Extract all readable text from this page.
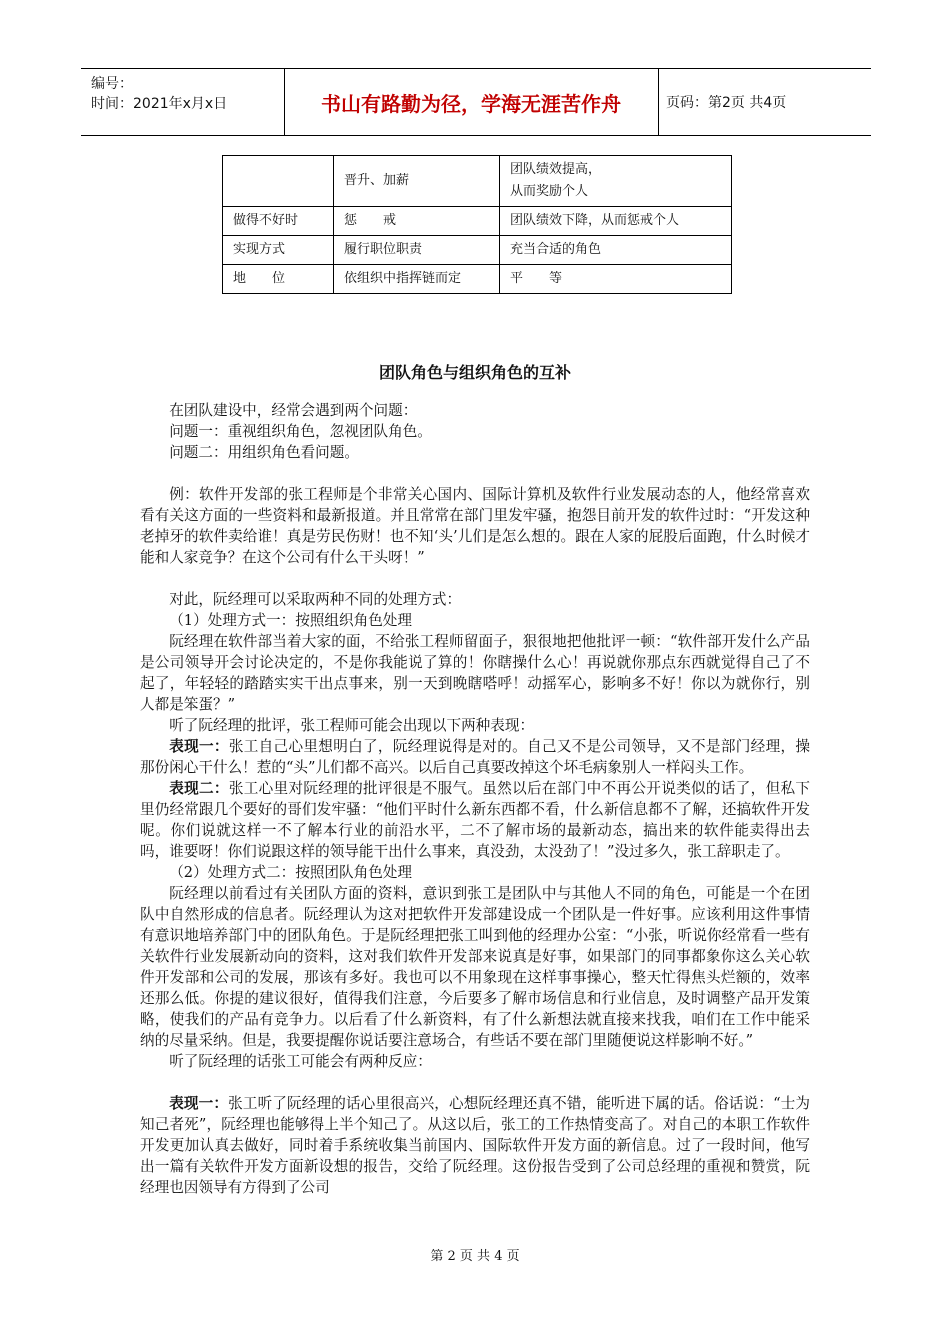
编号：
时间：2021年x月x日	书山有路勤为径，学海无涯苦作舟	页码：第2页 共4页
	晋升、加薪	团队绩效提高，
从而奖励个人

做得不好时	惩　　戒	团队绩效下降，从而惩戒个人
实现方式	履行职位职责	充当合适的角色
地　　位	依组织中指挥链而定	平　　等
团队角色与组织角色的互补

在团队建设中，经常会遇到两个问题：

问题一：重视组织角色，忽视团队角色。

问题二：用组织角色看问题。

例：软件开发部的张工程师是个非常关心国内、国际计算机及软件行业发展动态的人，他经常喜欢看有关这方面的一些资料和最新报道。并且常常在部门里发牢骚，抱怨目前开发的软件过时：“开发这种老掉牙的软件卖给谁！真是劳民伤财！也不知‘头’儿们是怎么想的。跟在人家的屁股后面跑，什么时候才能和人家竞争？在这个公司有什么干头呀！”

对此，阮经理可以采取两种不同的处理方式：

（1）处理方式一：按照组织角色处理

阮经理在软件部当着大家的面，不给张工程师留面子，狠很地把他批评一顿：“软件部开发什么产品是公司领导开会讨论决定的，不是你我能说了算的！你瞎操什么心！再说就你那点东西就觉得自己了不起了，年轻轻的踏踏实实干出点事来，别一天到晚瞎嗒呼！动摇军心，影响多不好！你以为就你行，别人都是笨蛋？”

听了阮经理的批评，张工程师可能会出现以下两种表现：

表现一：张工自己心里想明白了，阮经理说得是对的。自己又不是公司领导，又不是部门经理，操那份闲心干什么！惹的“头”儿们都不高兴。以后自己真要改掉这个坏毛病象别人一样闷头工作。

表现二：张工心里对阮经理的批评很是不服气。虽然以后在部门中不再公开说类似的话了，但私下里仍经常跟几个要好的哥们发牢骚：“他们平时什么新东西都不看，什么新信息都不了解，还搞软件开发呢。你们说就这样一不了解本行业的前沿水平，二不了解市场的最新动态，搞出来的软件能卖得出去吗，谁要呀！你们说跟这样的领导能干出什么事来，真没劲，太没劲了！”没过多久，张工辞职走了。

（2）处理方式二：按照团队角色处理

阮经理以前看过有关团队方面的资料，意识到张工是团队中与其他人不同的角色，可能是一个在团队中自然形成的信息者。阮经理认为这对把软件开发部建设成一个团队是一件好事。应该利用这件事情有意识地培养部门中的团队角色。于是阮经理把张工叫到他的经理办公室：“小张，听说你经常看一些有关软件行业发展新动向的资料，这对我们软件开发部来说真是好事，如果部门的同事都象你这么关心软件开发部和公司的发展，那该有多好。我也可以不用象现在这样事事操心，整天忙得焦头烂额的，效率还那么低。你提的建议很好，值得我们注意，今后要多了解市场信息和行业信息，及时调整产品开发策略，使我们的产品有竞争力。以后看了什么新资料，有了什么新想法就直接来找我，咱们在工作中能采纳的尽量采纳。但是，我要提醒你说话要注意场合，有些话不要在部门里随便说这样影响不好。”

听了阮经理的话张工可能会有两种反应：

表现一：张工听了阮经理的话心里很高兴，心想阮经理还真不错，能听进下属的话。俗话说：“士为知己者死”，阮经理也能够得上半个知己了。从这以后，张工的工作热情变高了。对自己的本职工作软件开发更加认真去做好，同时着手系统收集当前国内、国际软件开发方面的新信息。过了一段时间，他写出一篇有关软件开发方面新设想的报告，交给了阮经理。这份报告受到了公司总经理的重视和赞赏，阮经理也因领导有方得到了公司

第 2 页 共 4 页
